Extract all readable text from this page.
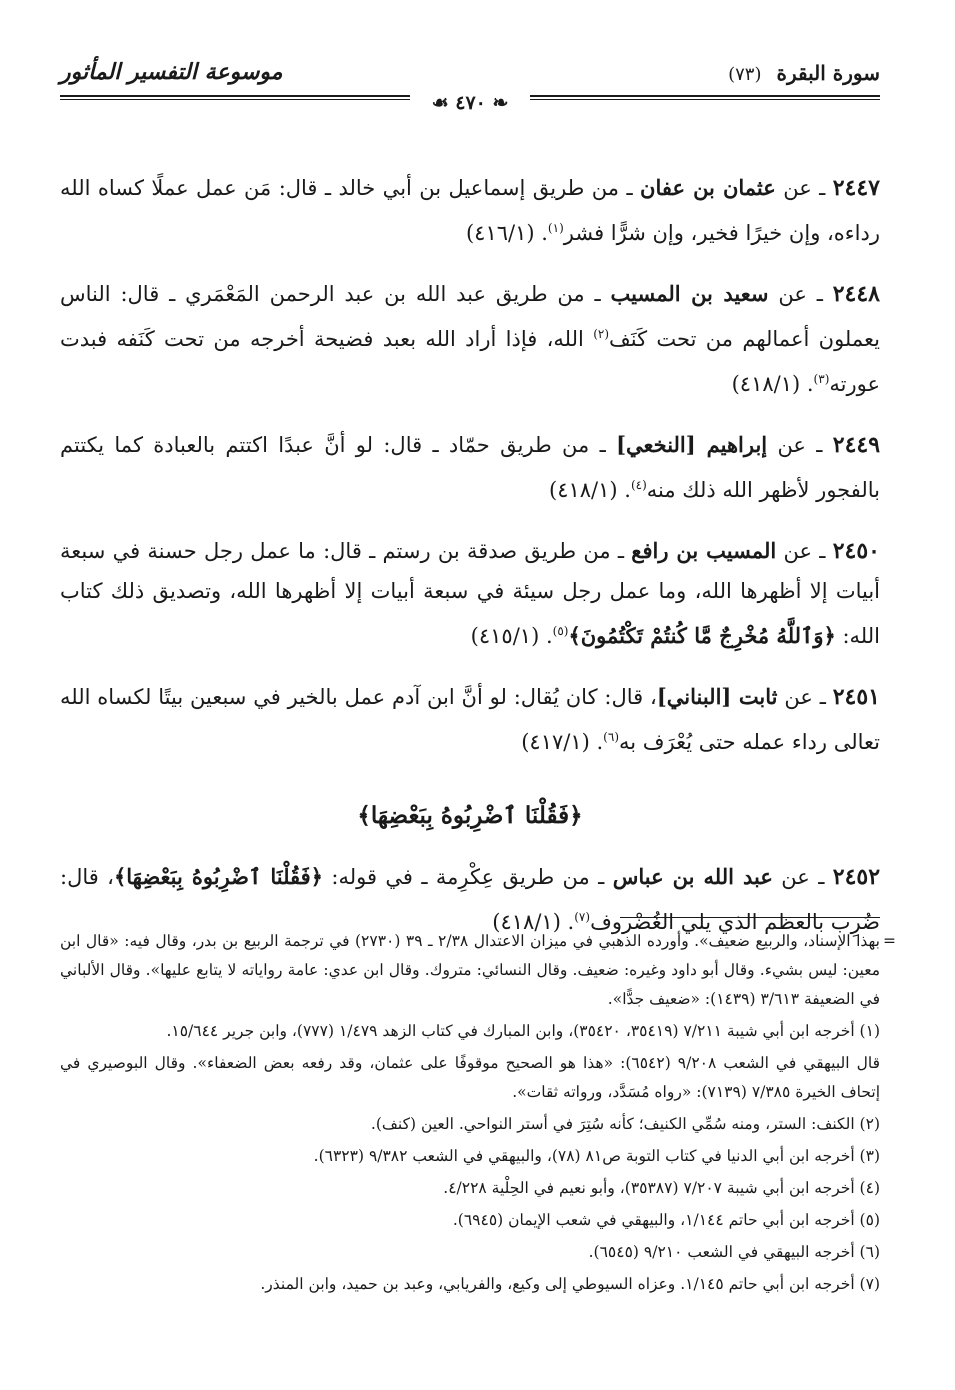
سورة البقرة (٧٣)
موسوعة التفسير المأثور
❧ ٤٧٠ ☙

٢٤٤٧ ـ عن عثمان بن عفان ـ من طريق إسماعيل بن أبي خالد ـ قال: مَن عمل عملًا كساه الله رداءه، وإن خيرًا فخير، وإن شرًّا فشر$^{(١)}$. (٤١٦/١)

٢٤٤٨ ـ عن سعيد بن المسيب ـ من طريق عبد الله بن عبد الرحمن المَعْمَري ـ قال: الناس يعملون أعمالهم من تحت كَنَف$^{(٢)}$ الله، فإذا أراد الله بعبد فضيحة أخرجه من تحت كَنَفه فبدت عورته$^{(٣)}$. (٤١٨/١)

٢٤٤٩ ـ عن إبراهيم [النخعي] ـ من طريق حمّاد ـ قال: لو أنَّ عبدًا اكتتم بالعبادة كما يكتتم بالفجور لأظهر الله ذلك منه$^{(٤)}$. (٤١٨/١)

٢٤٥٠ ـ عن المسيب بن رافع ـ من طريق صدقة بن رستم ـ قال: ما عمل رجل حسنة في سبعة أبيات إلا أظهرها الله، وما عمل رجل سيئة في سبعة أبيات إلا أظهرها الله، وتصديق ذلك كتاب الله: ﴿وَٱللَّهُ مُخْرِجٌ مَّا كُنتُمْ تَكْتُمُونَ﴾$^{(٥)}$. (٤١٥/١)

٢٤٥١ ـ عن ثابت [البناني]، قال: كان يُقال: لو أنَّ ابن آدم عمل بالخير في سبعين بيتًا لكساه الله تعالى رداء عمله حتى يُعْرَف به$^{(٦)}$. (٤١٧/١)

﴿فَقُلْنَا ٱضْرِبُوهُ بِبَعْضِهَا﴾

٢٤٥٢ ـ عن عبد الله بن عباس ـ من طريق عِكْرِمة ـ في قوله: ﴿فَقُلْنَا ٱضْرِبُوهُ بِبَعْضِهَا﴾، قال: ضُرِب بالعظم الذي يلي الغُضْروف$^{(٧)}$. (٤١٨/١)

=
بهذا الإسناد، والربيع ضعيف». وأورده الذهبي في ميزان الاعتدال ٢/٣٨ ـ ٣٩ (٢٧٣٠) في ترجمة الربيع بن بدر، وقال فيه: «قال ابن معين: ليس بشيء. وقال أبو داود وغيره: ضعيف. وقال النسائي: متروك. وقال ابن عدي: عامة رواياته لا يتابع عليها». وقال الألباني في الضعيفة ٣/٦١٣ (١٤٣٩): «ضعيف جدًّا».
(١) أخرجه ابن أبي شيبة ٧/٢١١ (٣٥٤١٩، ٣٥٤٢٠)، وابن المبارك في كتاب الزهد ١/٤٧٩ (٧٧٧)، وابن جرير ١٥/٦٤٤.
قال البيهقي في الشعب ٩/٢٠٨ (٦٥٤٢): «هذا هو الصحيح موقوفًا على عثمان، وقد رفعه بعض الضعفاء». وقال البوصيري في إتحاف الخيرة ٧/٣٨٥ (٧١٣٩): «رواه مُسَدَّد، ورواته ثقات».
(٢) الكنف: الستر، ومنه سُمِّي الكنيف؛ كأنه سُتِرَ في أستر النواحي. العين (كنف).
(٣) أخرجه ابن أبي الدنيا في كتاب التوبة ص٨١ (٧٨)، والبيهقي في الشعب ٩/٣٨٢ (٦٣٢٣).
(٤) أخرجه ابن أبي شيبة ٧/٢٠٧ (٣٥٣٨٧)، وأبو نعيم في الحِلْية ٤/٢٢٨.
(٥) أخرجه ابن أبي حاتم ١/١٤٤، والبيهقي في شعب الإيمان (٦٩٤٥).
(٦) أخرجه البيهقي في الشعب ٩/٢١٠ (٦٥٤٥).
(٧) أخرجه ابن أبي حاتم ١/١٤٥. وعزاه السيوطي إلى وكيع، والفريابي، وعبد بن حميد، وابن المنذر.
